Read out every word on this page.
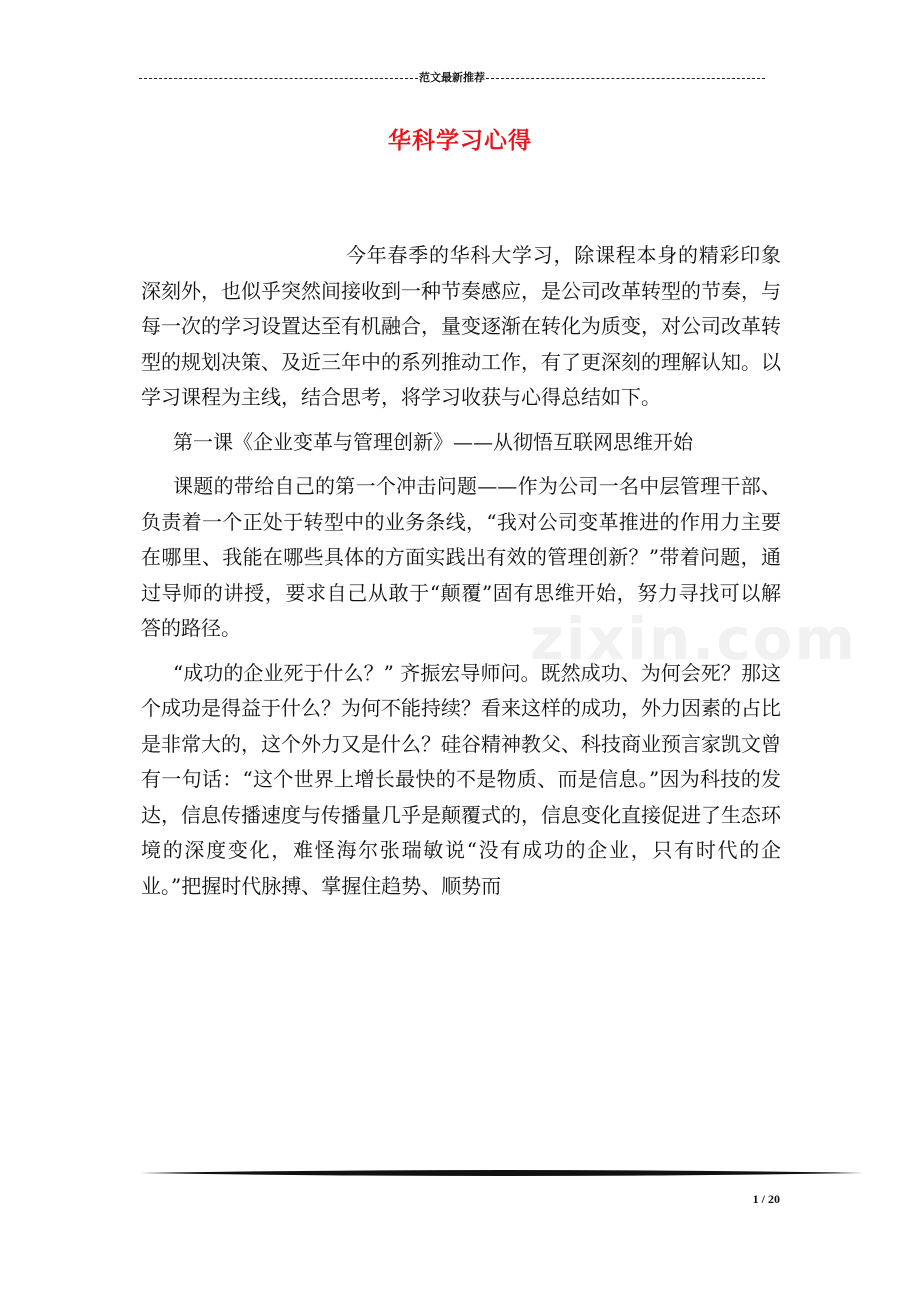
范文最新推荐
华科学习心得
zixin.com

今年春季的华科大学习，除课程本身的精彩印象深刻外，也似乎突然间接收到一种节奏感应，是公司改革转型的节奏，与每一次的学习设置达至有机融合，量变逐渐在转化为质变，对公司改革转型的规划决策、及近三年中的系列推动工作，有了更深刻的理解认知。以学习课程为主线，结合思考，将学习收获与心得总结如下。

第一课《企业变革与管理创新》——从彻悟互联网思维开始

课题的带给自己的第一个冲击问题——作为公司一名中层管理干部、负责着一个正处于转型中的业务条线，“我对公司变革推进的作用力主要在哪里、我能在哪些具体的方面实践出有效的管理创新？”带着问题，通过导师的讲授，要求自己从敢于“颠覆”固有思维开始，努力寻找可以解答的路径。

“成功的企业死于什么？” 齐振宏导师问。既然成功、为何会死？那这个成功是得益于什么？为何不能持续？看来这样的成功，外力因素的占比是非常大的，这个外力又是什么？硅谷精神教父、科技商业预言家凯文曾有一句话：“这个世界上增长最快的不是物质、而是信息。”因为科技的发达，信息传播速度与传播量几乎是颠覆式的，信息变化直接促进了生态环境的深度变化，难怪海尔张瑞敏说“没有成功的企业，只有时代的企业。”把握时代脉搏、掌握住趋势、顺势而

1 / 20
